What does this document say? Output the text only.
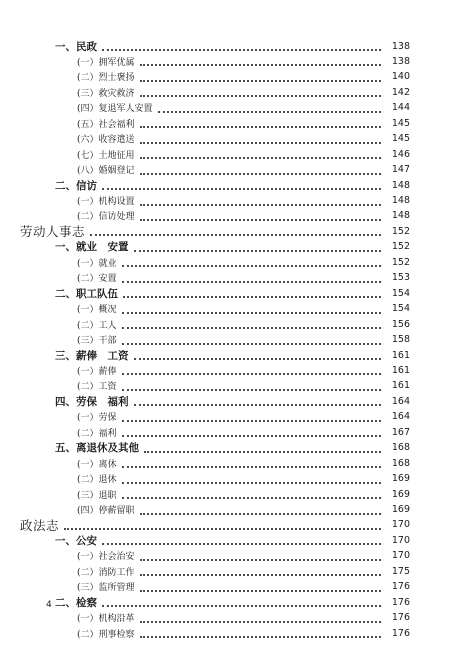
一、民政	138
(一）拥军优属	138
(二）烈士褒扬	140
(三）救灾救济	142
(四）复退军人安置	144
(五）社会福利	145
(六）收容遣送	145
(七）土地征用	146
(八）婚姻登记	147
二、信访	148
(一）机构设置	148
(二）信访处理	148
劳动人事志	152
一、就业　安置	152
(一）就业	152
(二）安置	153
二、职工队伍	154
(一）概况	154
(二）工人	156
(三）干部	158
三、薪俸　工资	161
(一）薪俸	161
(二）工资	161
四、劳保　福利	164
(一）劳保	164
(二）福利	167
五、离退休及其他	168
(一）离休	168
(二）退休	169
(三）退职	169
(四）停薪留职	169
政法志	170
一、公安	170
(一）社会治安	170
(二）消防工作	175
(三）监所管理	176
二、检察	176
(一）机构沿革	176
(二）刑事检察	176
4
